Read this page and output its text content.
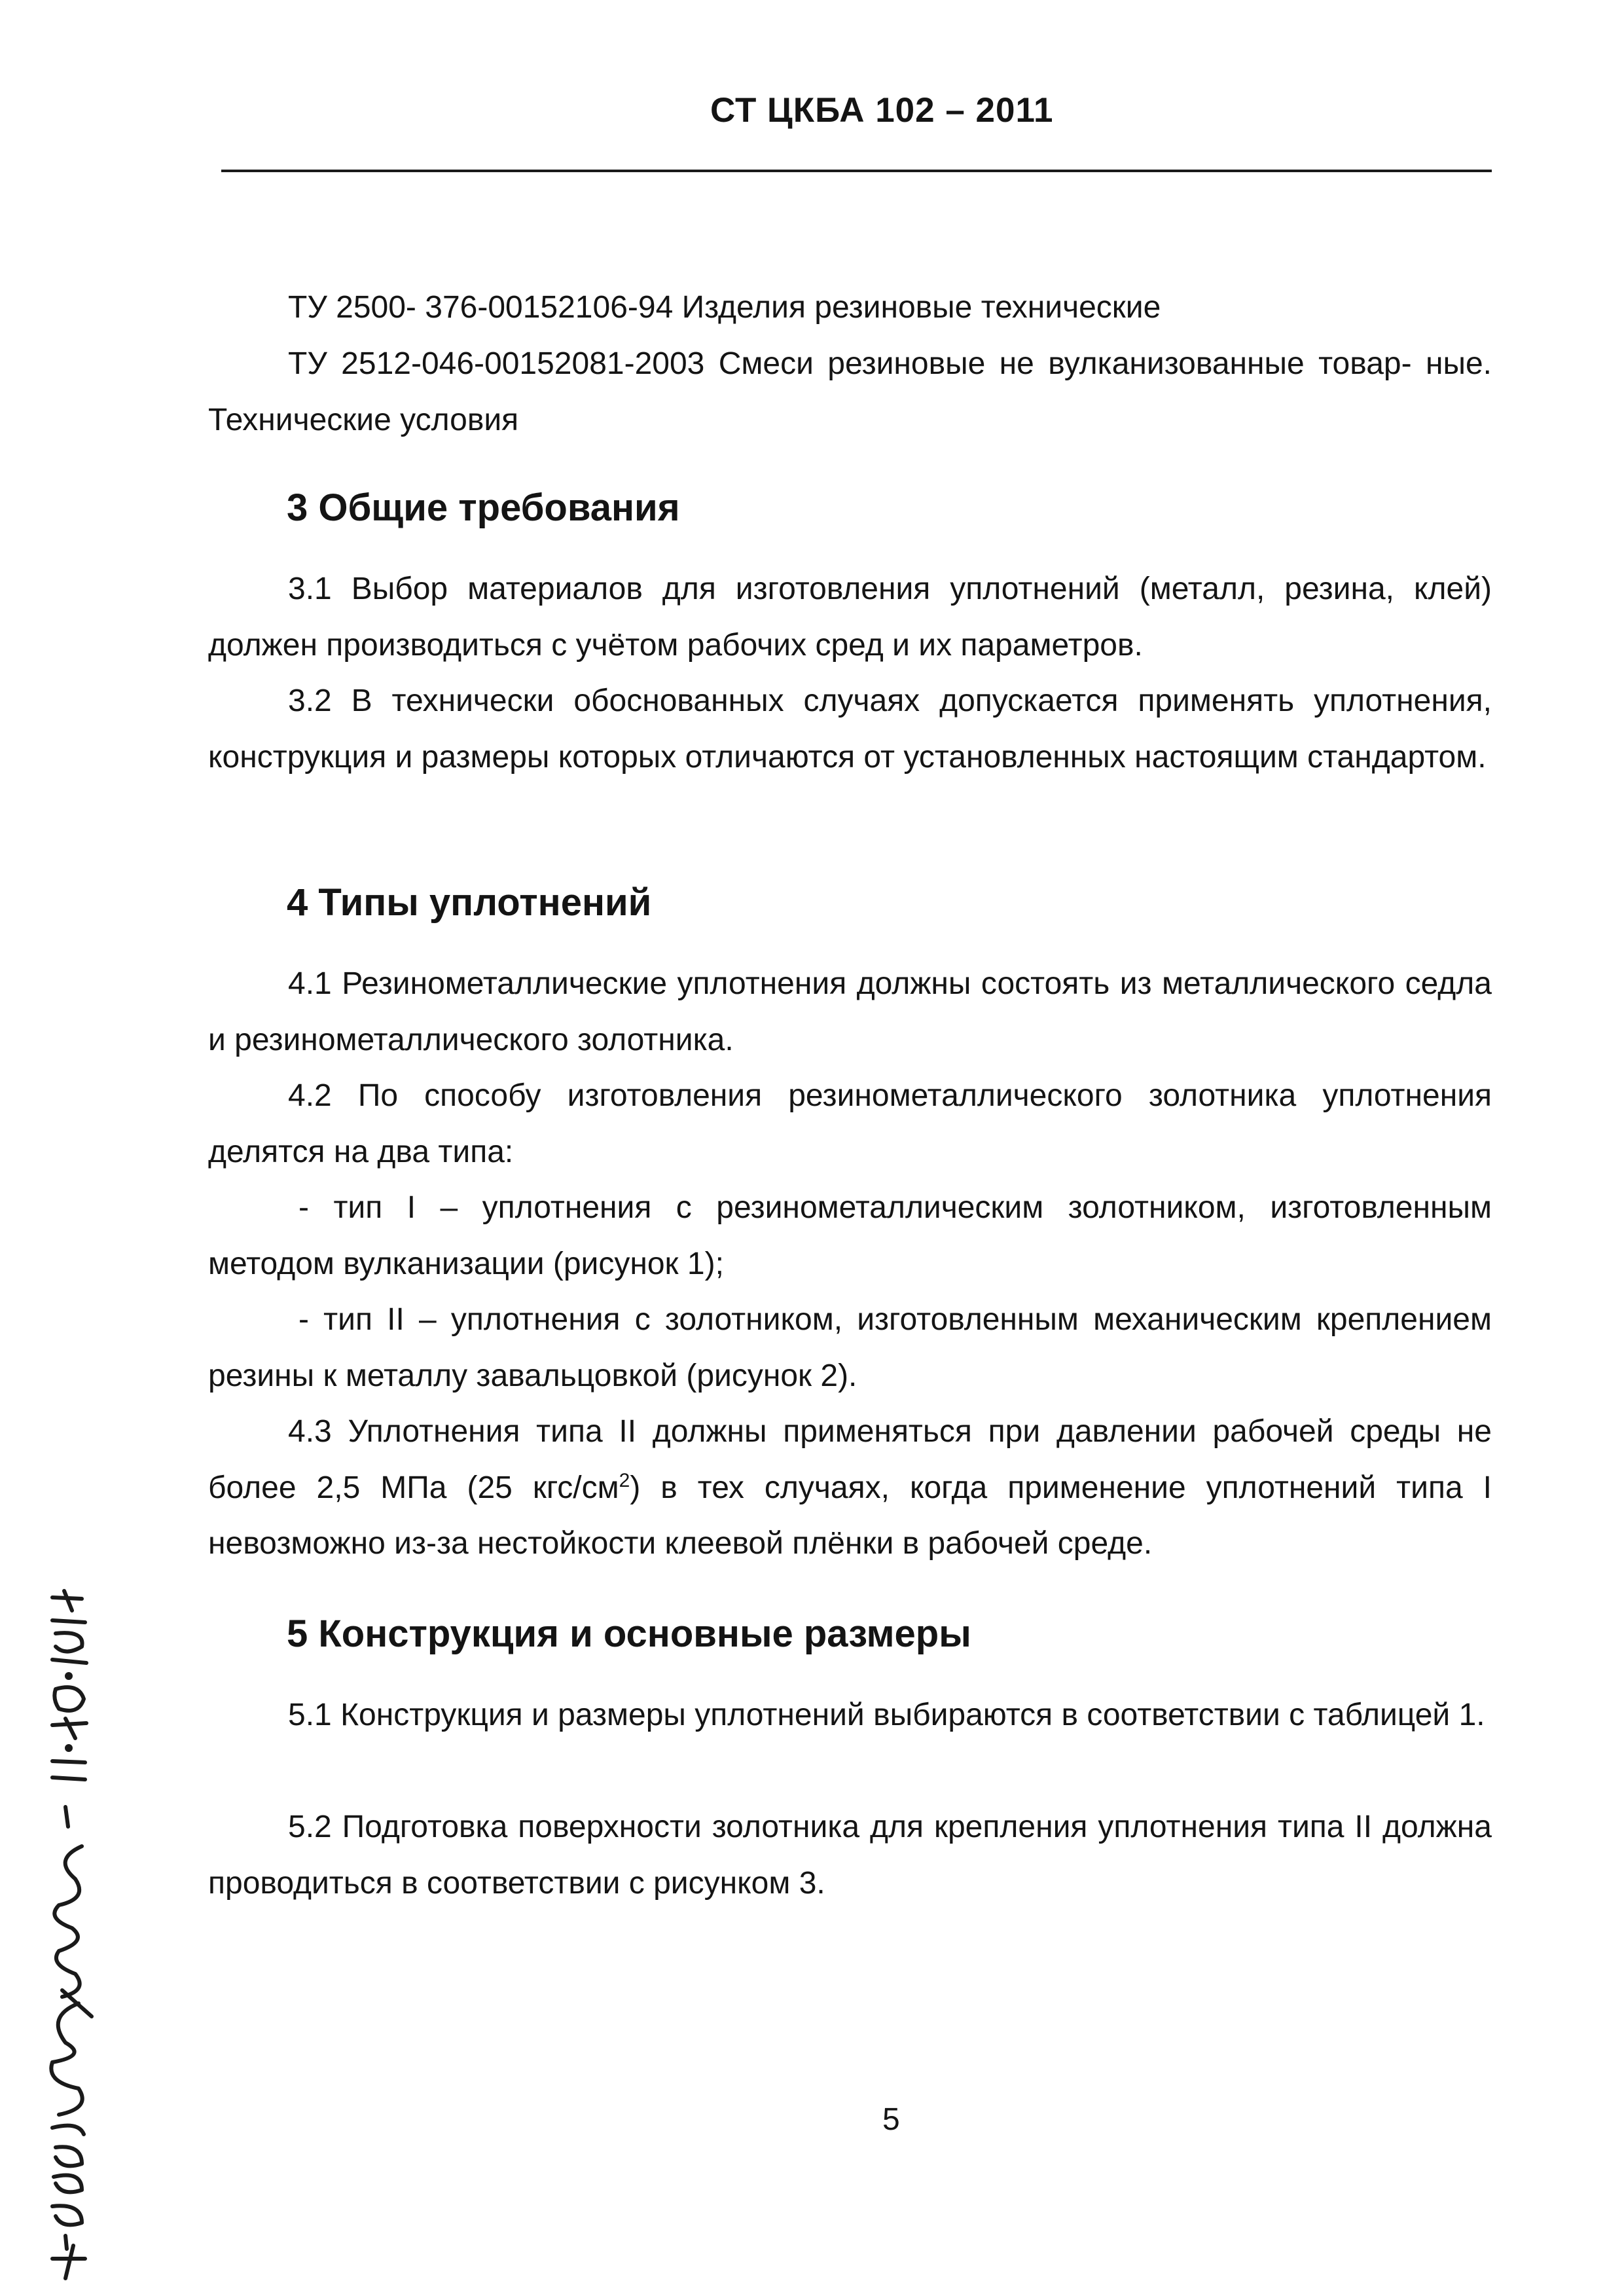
СТ ЦКБА 102 – 2011

ТУ 2500- 376-00152106-94 Изделия резиновые технические

ТУ 2512-046-00152081-2003 Смеси резиновые не вулканизованные товар- ные. Технические условия

3 Общие требования

3.1 Выбор материалов для изготовления уплотнений (металл, резина, клей) должен производиться с учётом рабочих сред и их параметров.

3.2 В технически обоснованных случаях допускается применять уплотнения, конструкция и размеры которых отличаются от установленных настоящим стандартом.

4 Типы уплотнений

4.1 Резинометаллические уплотнения должны состоять из металлического седла и резинометаллического золотника.

4.2 По способу изготовления резинометаллического золотника уплотнения делятся на два типа:

- тип I – уплотнения с резинометаллическим золотником, изготовленным методом вулканизации (рисунок 1);

- тип II – уплотнения с золотником, изготовленным механическим креплением резины к металлу завальцовкой (рисунок 2).

4.3 Уплотнения типа II должны применяться при давлении рабочей среды не более 2,5 МПа (25 кгс/$см^2$) в тех случаях, когда применение уплотнений типа I невозможно из-за нестойкости клеевой плёнки в рабочей среде.

5 Конструкция и основные размеры

5.1 Конструкция и размеры уплотнений выбираются в соответствии с таблицей 1.

5.2 Подготовка поверхности золотника для крепления уплотнения типа II должна проводиться в соответствии с рисунком 3.

5
